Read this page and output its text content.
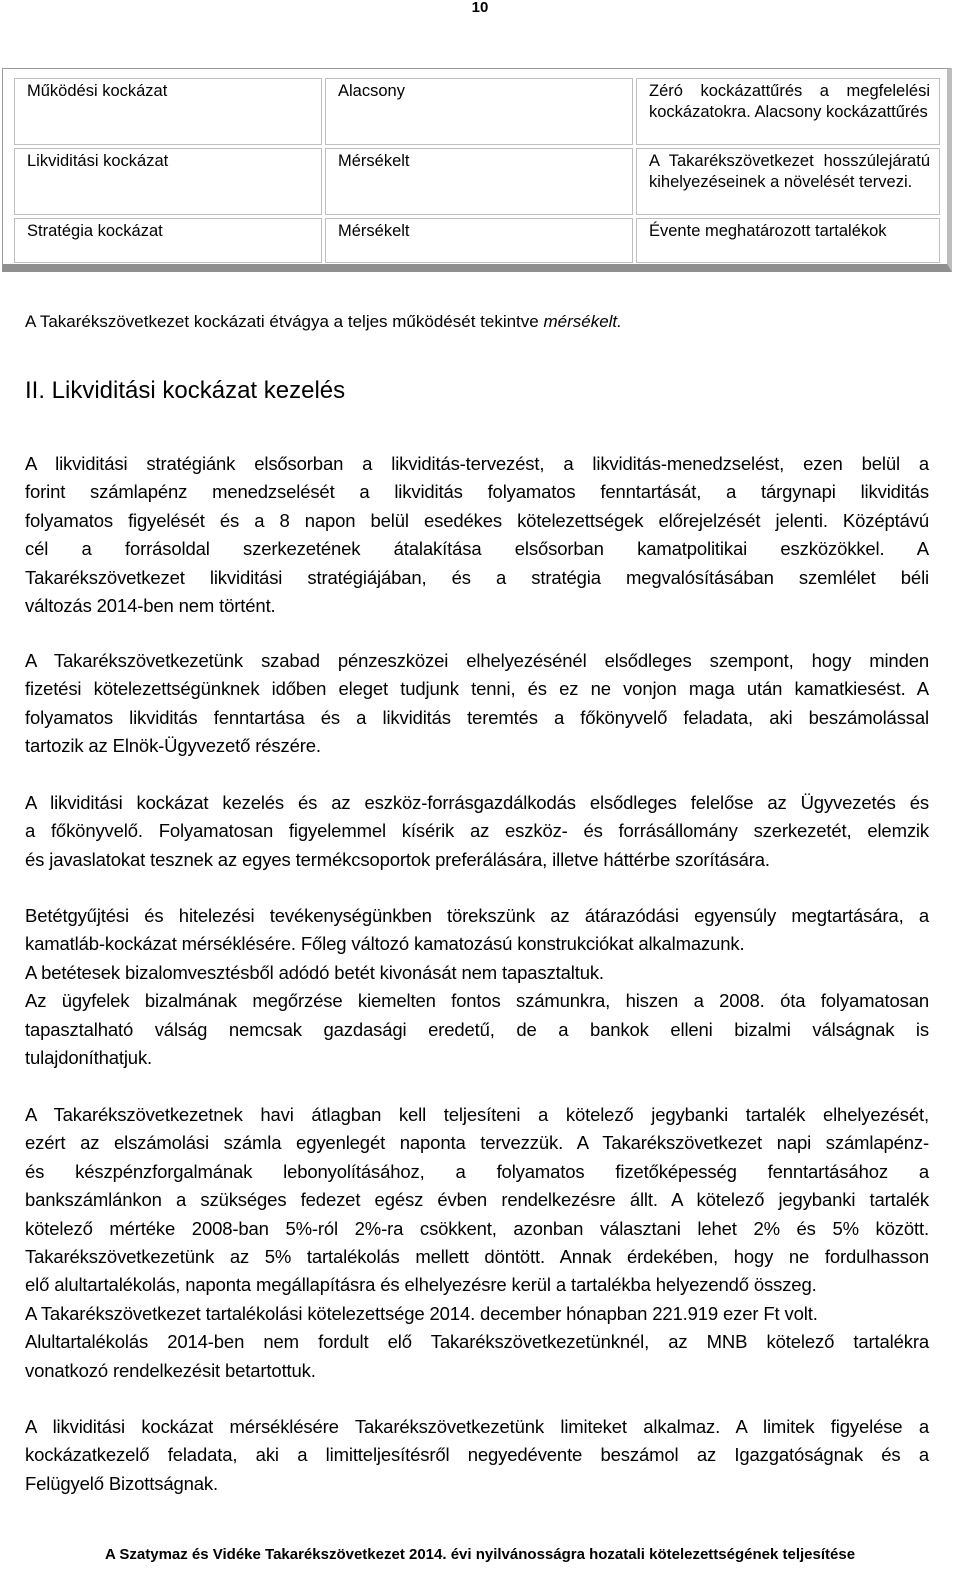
10
Működési kockázat	Alacsony	Zéró kockázattűrés a megfelelési kockázatokra. Alacsony kockázattűrés
Likviditási kockázat	Mérsékelt	A Takarékszövetkezet hosszúlejáratú kihelyezéseinek a növelését tervezi.
Stratégia kockázat	Mérsékelt	Évente meghatározott tartalékok
A Takarékszövetkezet kockázati étvágya a teljes működését tekintve mérsékelt.
II. Likviditási kockázat kezelés
A likviditási stratégiánk elsősorban a likviditás-tervezést, a likviditás-menedzselést, ezen belül a
forint számlapénz menedzselését a likviditás folyamatos fenntartását, a tárgynapi likviditás
folyamatos figyelését és a 8 napon belül esedékes kötelezettségek előrejelzését jelenti. Középtávú
cél a forrásoldal szerkezetének átalakítása elsősorban kamatpolitikai eszközökkel. A
Takarékszövetkezet likviditási stratégiájában, és a stratégia megvalósításában szemlélet béli
változás 2014-ben nem történt.
A Takarékszövetkezetünk szabad pénzeszközei elhelyezésénél elsődleges szempont, hogy minden
fizetési kötelezettségünknek időben eleget tudjunk tenni, és ez ne vonjon maga után kamatkiesést. A
folyamatos likviditás fenntartása és a likviditás teremtés a főkönyvelő feladata, aki beszámolással
tartozik az Elnök-Ügyvezető részére.
A likviditási kockázat kezelés és az eszköz-forrásgazdálkodás elsődleges felelőse az Ügyvezetés és
a főkönyvelő. Folyamatosan figyelemmel kísérik az eszköz- és forrásállomány szerkezetét, elemzik
és javaslatokat tesznek az egyes termékcsoportok preferálására, illetve háttérbe szorítására.
Betétgyűjtési és hitelezési tevékenységünkben törekszünk az átárazódási egyensúly megtartására, a
kamatláb-kockázat mérséklésére. Főleg változó kamatozású konstrukciókat alkalmazunk.
A betétesek bizalomvesztésből adódó betét kivonását nem tapasztaltuk.
Az ügyfelek bizalmának megőrzése kiemelten fontos számunkra, hiszen a 2008. óta folyamatosan
tapasztalható válság nemcsak gazdasági eredetű, de a bankok elleni bizalmi válságnak is
tulajdoníthatjuk.
A Takarékszövetkezetnek havi átlagban kell teljesíteni a kötelező jegybanki tartalék elhelyezését,
ezért az elszámolási számla egyenlegét naponta tervezzük. A Takarékszövetkezet napi számlapénz-
és készpénzforgalmának lebonyolításához, a folyamatos fizetőképesség fenntartásához a
bankszámlánkon a szükséges fedezet egész évben rendelkezésre állt. A kötelező jegybanki tartalék
kötelező mértéke 2008-ban 5%-ról 2%-ra csökkent, azonban választani lehet 2% és 5% között.
Takarékszövetkezetünk az 5% tartalékolás mellett döntött. Annak érdekében, hogy ne fordulhasson
elő alultartalékolás, naponta megállapításra és elhelyezésre kerül a tartalékba helyezendő összeg.
A Takarékszövetkezet tartalékolási kötelezettsége 2014. december hónapban 221.919 ezer Ft volt.
Alultartalékolás 2014-ben nem fordult elő Takarékszövetkezetünknél, az MNB kötelező tartalékra
vonatkozó rendelkezésit betartottuk.
A likviditási kockázat mérséklésére Takarékszövetkezetünk limiteket alkalmaz. A limitek figyelése a
kockázatkezelő feladata, aki a limitteljesítésről negyedévente beszámol az Igazgatóságnak és a
Felügyelő Bizottságnak.
A Szatymaz és Vidéke Takarékszövetkezet 2014. évi nyilvánosságra hozatali kötelezettségének teljesítése
